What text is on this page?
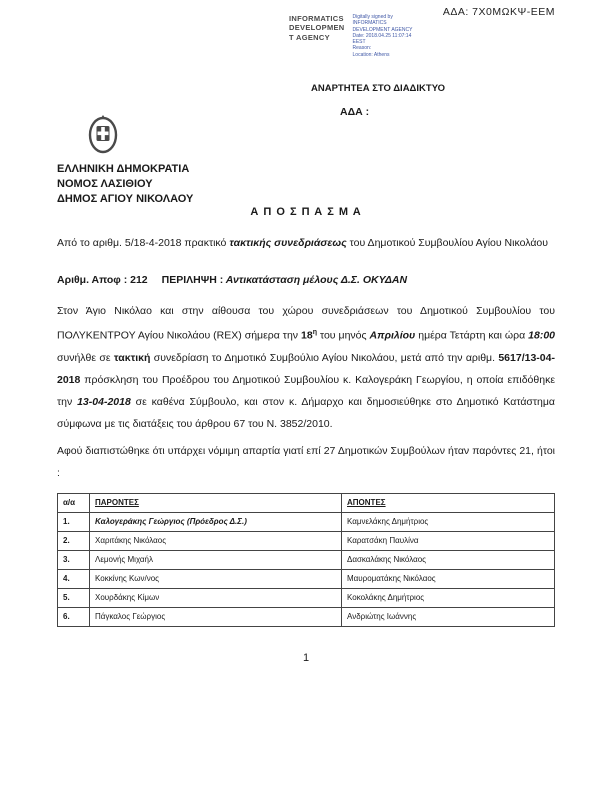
ΑΔΑ: 7Χ0ΜΩΚΨ-ΕΕΜ
INFORMATICS
DEVELOPMEN
T AGENCY
Digitally signed by
INFORMATICS
DEVELOPMENT AGENCY
Date: 2018.04.25 11:07:14
EEST
Reason:
Location: Athens
ΑΝΑΡΤΗΤΕΑ ΣΤΟ ΔΙΑΔΙΚΤΥΟ
ΑΔΑ :
ΕΛΛΗΝΙΚΗ ΔΗΜΟΚΡΑΤΙΑ
ΝΟΜΟΣ ΛΑΣΙΘΙΟΥ
ΔΗΜΟΣ ΑΓΙΟΥ ΝΙΚΟΛΑΟΥ
Α Π Ο Σ Π Α Σ Μ Α

Από το αριθμ. 5/18-4-2018 πρακτικό τακτικής συνεδριάσεως του Δημοτικού Συμβουλίου Αγίου Νικολάου

Αριθμ. Αποφ : 212 ΠΕΡΙΛΗΨΗ : Αντικατάσταση μέλους Δ.Σ. ΟΚΥΔΑΝ

Στον Άγιο Νικόλαο και στην αίθουσα του χώρου συνεδριάσεων του Δημοτικού Συμβουλίου του ΠΟΛΥΚΕΝΤΡΟΥ Αγίου Νικολάου (REX) σήμερα την $18^\eta$ του μηνός Απριλίου ημέρα Τετάρτη και ώρα 18:00 συνήλθε σε τακτική συνεδρίαση το Δημοτικό Συμβούλιο Αγίου Νικολάου, μετά από την αριθμ. 5617/13-04-2018 πρόσκληση του Προέδρου του Δημοτικού Συμβουλίου κ. Καλογεράκη Γεωργίου, η οποία επιδόθηκε την 13-04-2018 σε καθένα Σύμβουλο, και στον κ. Δήμαρχο και δημοσιεύθηκε στο Δημοτικό Κατάστημα σύμφωνα με τις διατάξεις του άρθρου 67 του Ν. 3852/2010.

Αφού διαπιστώθηκε ότι υπάρχει νόμιμη απαρτία γιατί επί 27 Δημοτικών Συμβούλων ήταν παρόντες 21, ήτοι :

α/α	ΠΑΡΟΝΤΕΣ	ΑΠΟΝΤΕΣ
1.	Καλογεράκης Γεώργιος (Πρόεδρος Δ.Σ.)	Καμνελάκης Δημήτριος
2.	Χαριτάκης Νικόλαος	Καρατσάκη Παυλίνα
3.	Λεμονής Μιχαήλ	Δασκαλάκης Νικόλαος
4.	Κοκκίνης Κων/νος	Μαυροματάκης Νικόλαος
5.	Χουρδάκης Κίμων	Κοκολάκης Δημήτριος
6.	Πάγκαλος Γεώργιος	Ανδριώτης Ιωάννης
1
